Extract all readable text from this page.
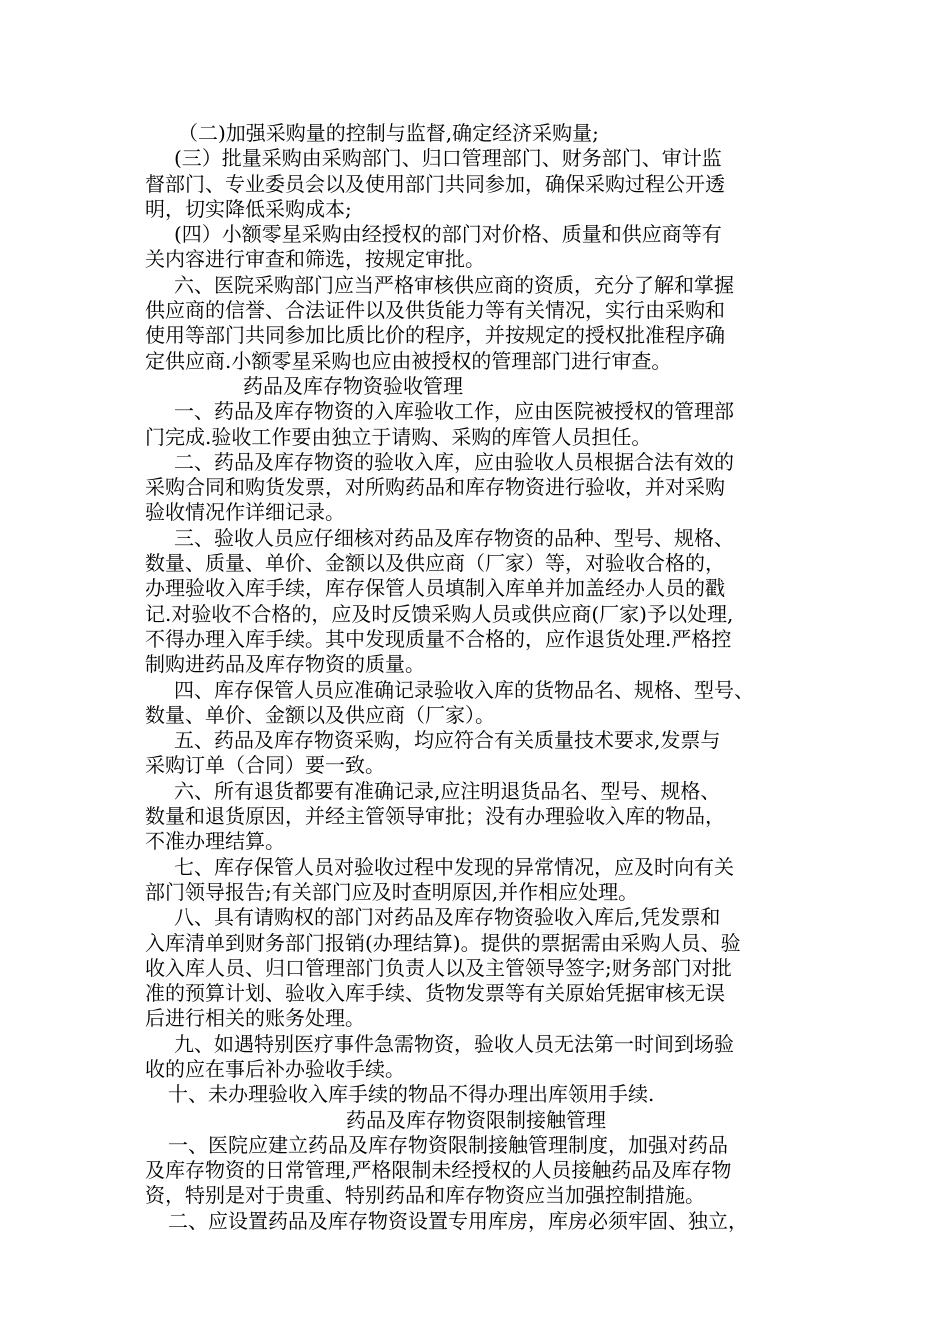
（二)加强采购量的控制与监督,确定经济采购量;
(三）批量采购由采购部门、归口管理部门、财务部门、审计监
督部门、专业委员会以及使用部门共同参加，确保采购过程公开透
明，切实降低采购成本;
(四）小额零星采购由经授权的部门对价格、质量和供应商等有
关内容进行审查和筛选，按规定审批。
六、医院采购部门应当严格审核供应商的资质，充分了解和掌握
供应商的信誉、合法证件以及供货能力等有关情况，实行由采购和
使用等部门共同参加比质比价的程序，并按规定的授权批准程序确
定供应商.小额零星采购也应由被授权的管理部门进行审查。
药品及库存物资验收管理
一、药品及库存物资的入库验收工作，应由医院被授权的管理部
门完成.验收工作要由独立于请购、采购的库管人员担任。
二、药品及库存物资的验收入库，应由验收人员根据合法有效的
采购合同和购货发票，对所购药品和库存物资进行验收，并对采购
验收情况作详细记录。
三、验收人员应仔细核对药品及库存物资的品种、型号、规格、
数量、质量、单价、金额以及供应商（厂家）等，对验收合格的，
办理验收入库手续，库存保管人员填制入库单并加盖经办人员的戳
记.对验收不合格的，应及时反馈采购人员或供应商(厂家)予以处理,
不得办理入库手续。其中发现质量不合格的，应作退货处理.严格控
制购进药品及库存物资的质量。
四、库存保管人员应准确记录验收入库的货物品名、规格、型号、
数量、单价、金额以及供应商（厂家）。
五、药品及库存物资采购，均应符合有关质量技术要求,发票与
采购订单（合同）要一致。
六、所有退货都要有准确记录,应注明退货品名、型号、规格、
数量和退货原因，并经主管领导审批；没有办理验收入库的物品，
不准办理结算。
七、库存保管人员对验收过程中发现的异常情况，应及时向有关
部门领导报告;有关部门应及时查明原因,并作相应处理。
八、具有请购权的部门对药品及库存物资验收入库后,凭发票和
入库清单到财务部门报销(办理结算)。提供的票据需由采购人员、验
收入库人员、归口管理部门负责人以及主管领导签字;财务部门对批
准的预算计划、验收入库手续、货物发票等有关原始凭据审核无误
后进行相关的账务处理。
九、如遇特别医疗事件急需物资，验收人员无法第一时间到场验
收的应在事后补办验收手续。
十、未办理验收入库手续的物品不得办理出库领用手续.
药品及库存物资限制接触管理
一、医院应建立药品及库存物资限制接触管理制度，加强对药品
及库存物资的日常管理,严格限制未经授权的人员接触药品及库存物
资，特别是对于贵重、特别药品和库存物资应当加强控制措施。
二、应设置药品及库存物资设置专用库房，库房必须牢固、独立，
